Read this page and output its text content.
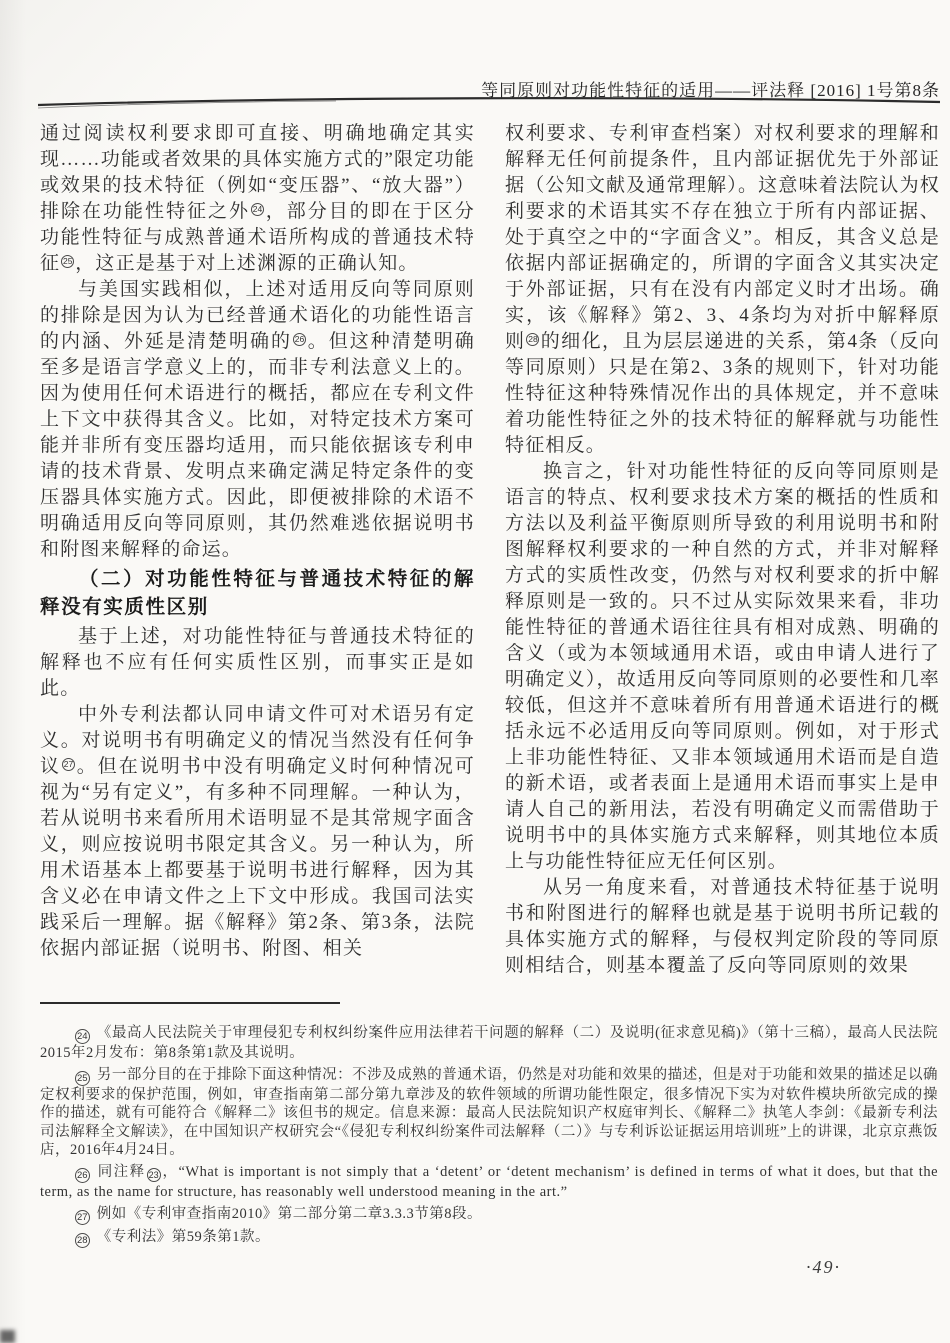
等同原则对功能性特征的适用——评法释 [2016] 1号第8条

通过阅读权利要求即可直接、明确地确定其实现……功能或者效果的具体实施方式的”限定功能或效果的技术特征（例如“变压器”、“放大器”）排除在功能性特征之外 $^{24}$ ，部分目的即在于区分功能性特征与成熟普通术语所构成的普通技术特征 $^{25}$ ，这正是基于对上述渊源的正确认知。

与美国实践相似，上述对适用反向等同原则的排除是因为认为已经普通术语化的功能性语言的内涵、外延是清楚明确的 $^{26}$ 。但这种清楚明确至多是语言学意义上的，而非专利法意义上的。因为使用任何术语进行的概括，都应在专利文件上下文中获得其含义。比如，对特定技术方案可能并非所有变压器均适用，而只能依据该专利申请的技术背景、发明点来确定满足特定条件的变压器具体实施方式。因此，即便被排除的术语不明确适用反向等同原则，其仍然难逃依据说明书和附图来解释的命运。

（二）对功能性特征与普通技术特征的解释没有实质性区别

基于上述，对功能性特征与普通技术特征的解释也不应有任何实质性区别，而事实正是如此。

中外专利法都认同申请文件可对术语另有定义。对说明书有明确定义的情况当然没有任何争议 $^{27}$ 。但在说明书中没有明确定义时何种情况可视为“另有定义”，有多种不同理解。一种认为，若从说明书来看所用术语明显不是其常规字面含义，则应按说明书限定其含义。另一种认为，所用术语基本上都要基于说明书进行解释，因为其含义必在申请文件之上下文中形成。我国司法实践采后一理解。据《解释》第2条、第3条，法院依据内部证据（说明书、附图、相关

权利要求、专利审查档案）对权利要求的理解和解释无任何前提条件，且内部证据优先于外部证据（公知文献及通常理解）。这意味着法院认为权利要求的术语其实不存在独立于所有内部证据、处于真空之中的“字面含义”。相反，其含义总是依据内部证据确定的，所谓的字面含义其实决定于外部证据，只有在没有内部定义时才出场。确实，该《解释》第2、3、4条均为对折中解释原则 $^{28}$ 的细化，且为层层递进的关系，第4条（反向等同原则）只是在第2、3条的规则下，针对功能性特征这种特殊情况作出的具体规定，并不意味着功能性特征之外的技术特征的解释就与功能性特征相反。

换言之，针对功能性特征的反向等同原则是语言的特点、权利要求技术方案的概括的性质和方法以及利益平衡原则所导致的利用说明书和附图解释权利要求的一种自然的方式，并非对解释方式的实质性改变，仍然与对权利要求的折中解释原则是一致的。只不过从实际效果来看，非功能性特征的普通术语往往具有相对成熟、明确的含义（或为本领域通用术语，或由申请人进行了明确定义），故适用反向等同原则的必要性和几率较低，但这并不意味着所有用普通术语进行的概括永远不必适用反向等同原则。例如，对于形式上非功能性特征、又非本领域通用术语而是自造的新术语，或者表面上是通用术语而事实上是申请人自己的新用法，若没有明确定义而需借助于说明书中的具体实施方式来解释，则其地位本质上与功能性特征应无任何区别。

从另一角度来看，对普通技术特征基于说明书和附图进行的解释也就是基于说明书所记载的具体实施方式的解释，与侵权判定阶段的等同原则相结合，则基本覆盖了反向等同原则的效果

24 《最高人民法院关于审理侵犯专利权纠纷案件应用法律若干问题的解释（二）及说明(征求意见稿)》（第十三稿），最高人民法院2015年2月发布：第8条第1款及其说明。

25 另一部分目的在于排除下面这种情况：不涉及成熟的普通术语，仍然是对功能和效果的描述，但是对于功能和效果的描述足以确定权利要求的保护范围，例如，审查指南第二部分第九章涉及的软件领域的所谓功能性限定，很多情况下实为对软件模块所欲完成的操作的描述，就有可能符合《解释二》该但书的规定。信息来源：最高人民法院知识产权庭审判长、《解释二》执笔人李剑：《最新专利法司法解释全文解读》，在中国知识产权研究会“《侵犯专利权纠纷案件司法解释（二）》与专利诉讼证据运用培训班”上的讲课，北京京燕饭店，2016年4月24日。

26 同注释 23 ，“What is important is not simply that a ‘detent’ or ‘detent mechanism’ is defined in terms of what it does, but that the term, as the name for structure, has reasonably well understood meaning in the art.”

27 例如《专利审查指南2010》第二部分第二章3.3.3节第8段。

28 《专利法》第59条第1款。

·49·
